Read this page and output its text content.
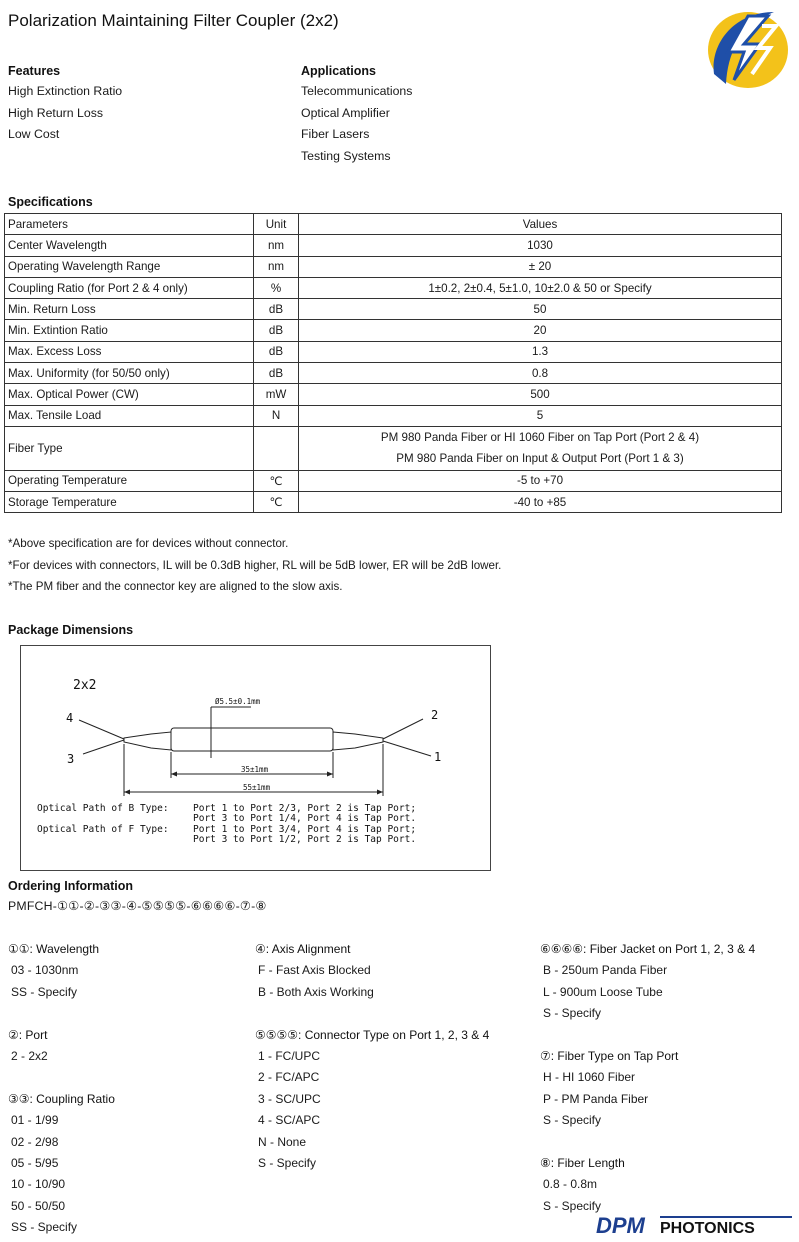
Polarization Maintaining Filter Coupler (2x2)
Features
High Extinction Ratio
High Return Loss
Low Cost
Applications
Telecommunications
Optical Amplifier
Fiber Lasers
Testing Systems
Specifications
Parameters	Unit	Values
Center Wavelength	nm	1030
Operating Wavelength Range	nm	± 20
Coupling Ratio (for Port 2 & 4 only)	%	1±0.2, 2±0.4, 5±1.0, 10±2.0 & 50 or Specify
Min. Return Loss	dB	50
Min. Extintion Ratio	dB	20
Max. Excess Loss	dB	1.3
Max. Uniformity (for 50/50 only)	dB	0.8
Max. Optical Power (CW)	mW	500
Max. Tensile Load	N	5
Fiber Type		PM 980 Panda Fiber or HI 1060 Fiber on Tap Port (Port 2 & 4)
PM 980 Panda Fiber on Input & Output Port (Port 1 & 3)

Operating Temperature	℃	-5 to +70
Storage Temperature	℃	-40 to +85
*Above specification are for devices without connector.
*For devices with connectors, IL will be 0.3dB higher, RL will be 5dB lower, ER will be 2dB lower.
*The PM fiber and the connector key are aligned to the slow axis.
Package Dimensions
2x2
4
3
2
1
Ø5.5±0.1mm
35±1mm
55±1mm
Optical Path of B Type:	Port 1 to Port 2/3, Port 2 is Tap Port;
Port 3 to Port 1/4, Port 4 is Tap Port.
Optical Path of F Type:	Port 1 to Port 3/4, Port 4 is Tap Port;
Port 3 to Port 1/2, Port 2 is Tap Port.
Ordering Information
PMFCH-①①-②-③③-④-⑤⑤⑤⑤-⑥⑥⑥⑥-⑦-⑧
①①: Wavelength
03 - 1030nm
SS - Specify
②: Port
2 - 2x2
③③: Coupling Ratio
01 - 1/99
02 - 2/98
05 - 5/95
10 - 10/90
50 - 50/50
SS - Specify
④: Axis Alignment
F - Fast Axis Blocked
B - Both Axis Working
⑤⑤⑤⑤: Connector Type on Port 1, 2, 3 & 4
1 - FC/UPC
2 - FC/APC
3 - SC/UPC
4 - SC/APC
N - None
S - Specify
⑥⑥⑥⑥: Fiber Jacket on Port 1, 2, 3 & 4
B - 250um Panda Fiber
L - 900um Loose Tube
S - Specify
⑦: Fiber Type on Tap Port
H - HI 1060 Fiber
P - PM Panda Fiber
S - Specify
⑧: Fiber Length
0.8 - 0.8m
S - Specify
DPM PHOTONICS
